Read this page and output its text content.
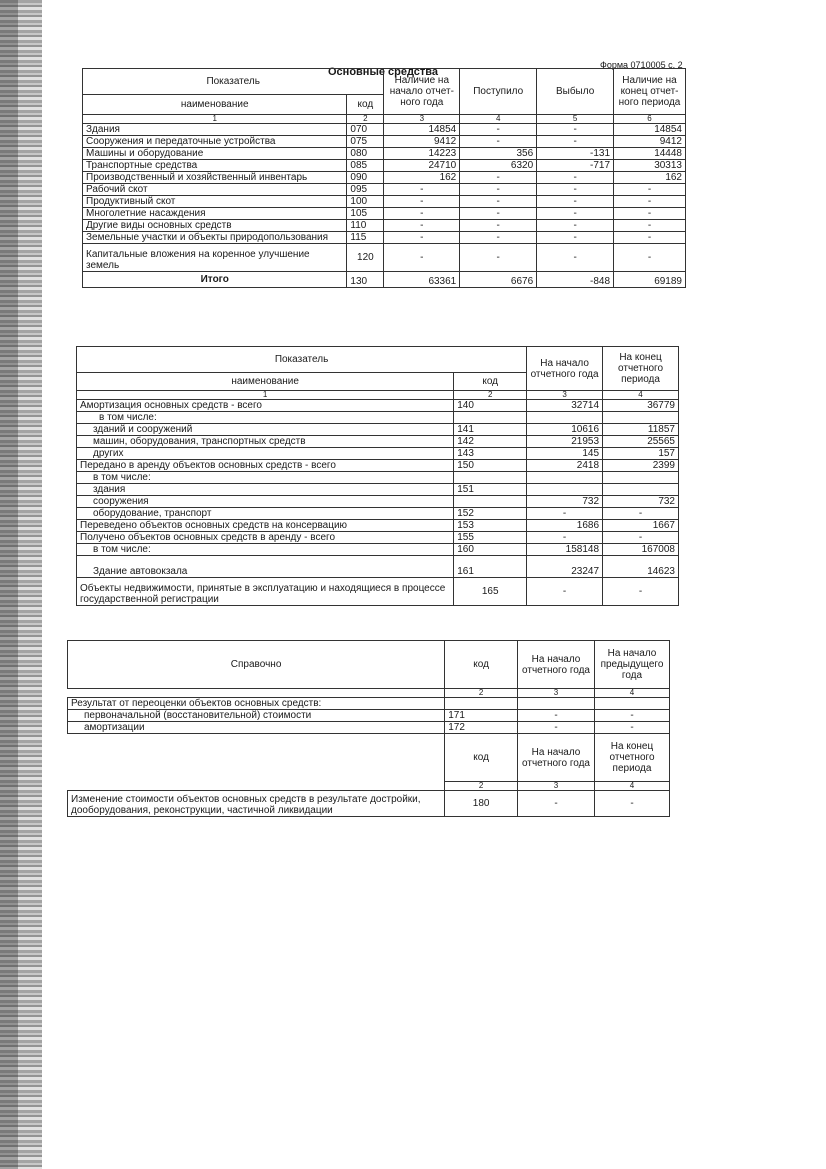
Форма 0710005 с. 2
Основные средства
Показатель		Наличие на начало отчет-ного года	Поступило	Выбыло	Наличие на конец отчет-ного периода
наименование	код				
1	2	3	4	5	6
Здания	070	14854	-	-	14854
Сооружения и передаточные устройства	075	9412	-	-	9412
Машины и оборудование	080	14223	356	-131	14448
Транспортные средства	085	24710	6320	-717	30313
Производственный и хозяйственный инвентарь	090	162	-	-	162
Рабочий скот	095	-	-	-	-
Продуктивный скот	100	-	-	-	-
Многолетние насаждения	105	-	-	-	-
Другие виды основных средств	110	-	-	-	-
Земельные участки и объекты природопользования	115	-	-	-	-
Капитальные вложения на коренное улучшение земель	120	-	-	-	-
Итого	130	63361	6676	-848	69189
Показатель		На начало отчетного года	На конец отчетного периода
наименование	код		
1	2	3	4
Амортизация основных средств - всего	140	32714	36779
в том числе:			
зданий и сооружений	141	10616	11857
машин, оборудования, транспортных средств	142	21953	25565
других	143	145	157
Передано в аренду объектов основных средств - всего	150	2418	2399
в том числе:			
здания	151		
сооружения		732	732
оборудование, транспорт	152	-	-
Переведено объектов основных средств на консервацию	153	1686	1667
Получено объектов основных средств в аренду - всего	155	-	-
в том числе:	160	158148	167008
Здание автовокзала	161	23247	14623
Объекты недвижимости, принятые в эксплуатацию и находящиеся в процессе государственной регистрации	165	-	-
Справочно	код	На начало отчетного года	На начало предыдущего года
	2	3	4
Результат от переоценки объектов основных средств:			
первоначальной (восстановительной) стоимости	171	-	-
амортизации	172	-	-
	код	На начало отчетного года	На конец отчетного периода
	2	3	4
Изменение стоимости объектов основных средств в результате достройки, дооборудования, реконструкции, частичной ликвидации	180	-	-
